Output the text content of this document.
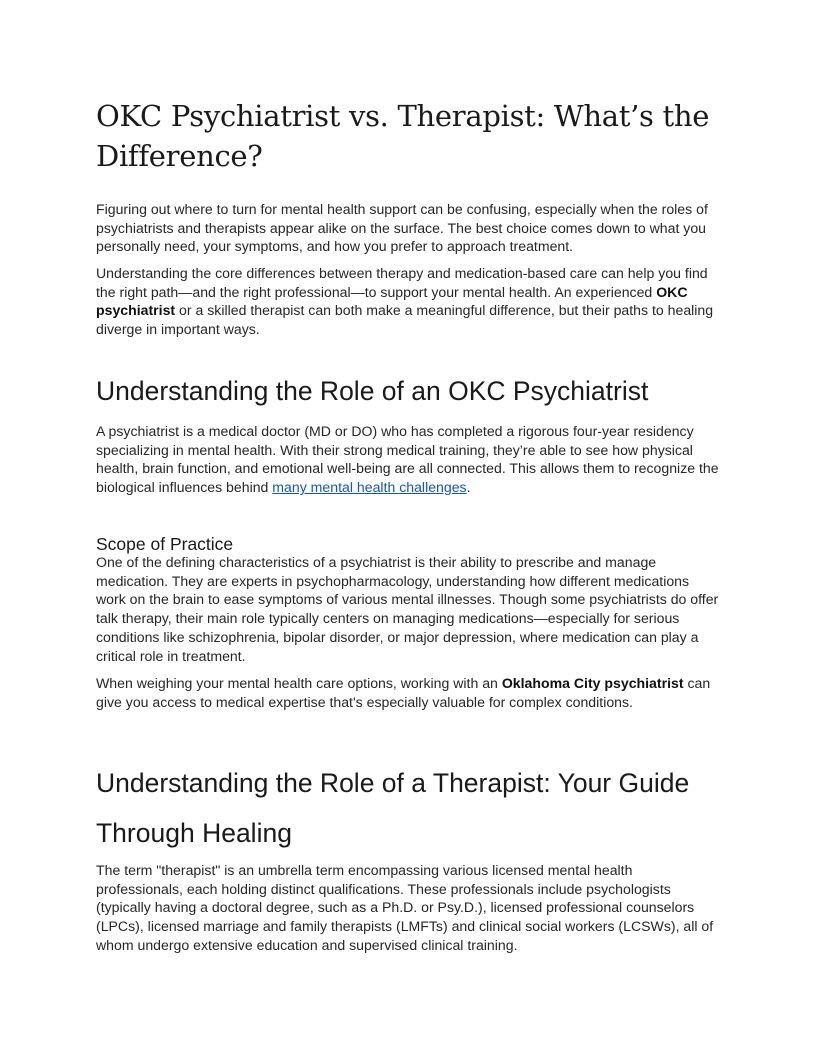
OKC Psychiatrist vs. Therapist: What’s the Difference?

Figuring out where to turn for mental health support can be confusing, especially when the roles of psychiatrists and therapists appear alike on the surface. The best choice comes down to what you personally need, your symptoms, and how you prefer to approach treatment.

Understanding the core differences between therapy and medication-based care can help you find the right path—and the right professional—to support your mental health. An experienced OKC psychiatrist or a skilled therapist can both make a meaningful difference, but their paths to healing diverge in important ways.

Understanding the Role of an OKC Psychiatrist

A psychiatrist is a medical doctor (MD or DO) who has completed a rigorous four-year residency specializing in mental health. With their strong medical training, they’re able to see how physical health, brain function, and emotional well-being are all connected. This allows them to recognize the biological influences behind many mental health challenges.

Scope of Practice

One of the defining characteristics of a psychiatrist is their ability to prescribe and manage medication. They are experts in psychopharmacology, understanding how different medications work on the brain to ease symptoms of various mental illnesses. Though some psychiatrists do offer talk therapy, their main role typically centers on managing medications—especially for serious conditions like schizophrenia, bipolar disorder, or major depression, where medication can play a critical role in treatment.

When weighing your mental health care options, working with an Oklahoma City psychiatrist can give you access to medical expertise that's especially valuable for complex conditions.

Understanding the Role of a Therapist: Your Guide Through Healing

The term "therapist" is an umbrella term encompassing various licensed mental health professionals, each holding distinct qualifications. These professionals include psychologists (typically having a doctoral degree, such as a Ph.D. or Psy.D.), licensed professional counselors (LPCs), licensed marriage and family therapists (LMFTs) and clinical social workers (LCSWs), all of whom undergo extensive education and supervised clinical training.
